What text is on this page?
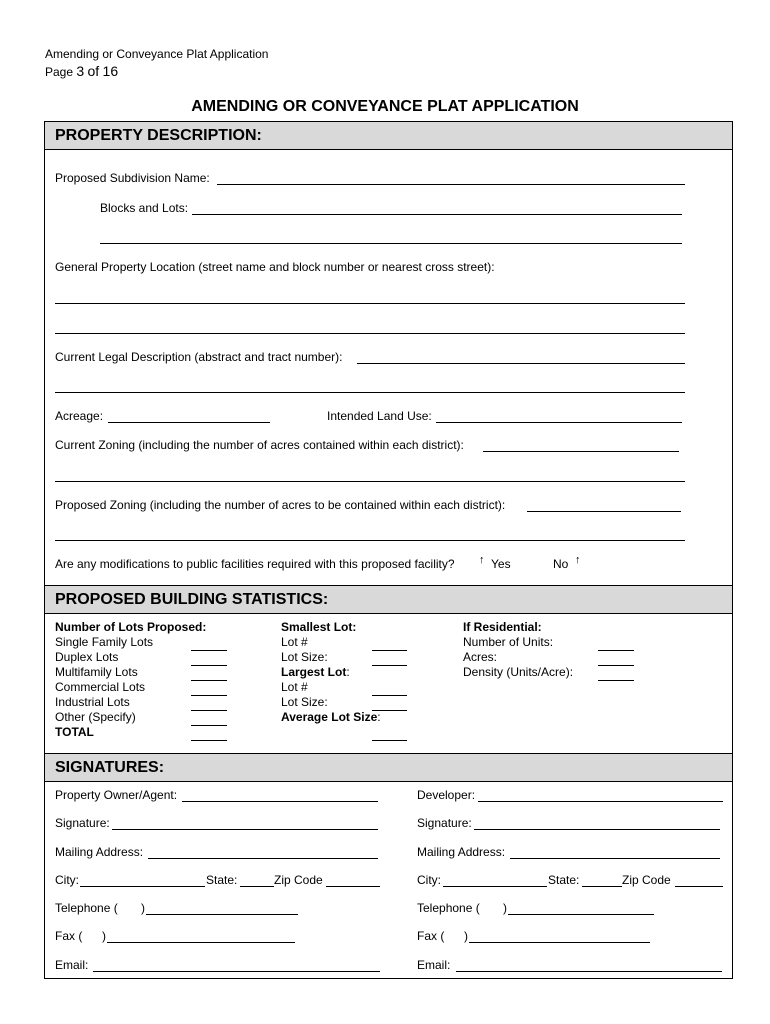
Amending or Conveyance Plat Application
Page 3 of 16
AMENDING OR CONVEYANCE PLAT APPLICATION
PROPERTY DESCRIPTION:
Proposed Subdivision Name:
Blocks and Lots:
General Property Location (street name and block number or nearest cross street):
Current Legal Description (abstract and tract number):
Acreage:	Intended Land Use:
Current Zoning (including the number of acres contained within each district):
Proposed Zoning (including the number of acres to be contained within each district):
Are any modifications to public facilities required with this proposed facility? ↑ Yes	No ↑
PROPOSED BUILDING STATISTICS:
Number of Lots Proposed:
Single Family Lots
Duplex Lots
Multifamily Lots
Commercial Lots
Industrial Lots
Other (Specify)
TOTAL
Smallest Lot:
Lot #
Lot Size:
Largest Lot:
Lot #
Lot Size:
Average Lot Size:
If Residential:
Number of Units:
Acres:
Density (Units/Acre):
SIGNATURES:
Property Owner/Agent:
Signature:
Mailing Address:
City:	State:	Zip Code
Telephone ( )
Fax ( )
Email:
Developer:
Signature:
Mailing Address:
City:	State:	Zip Code
Telephone ( )
Fax ( )
Email:
